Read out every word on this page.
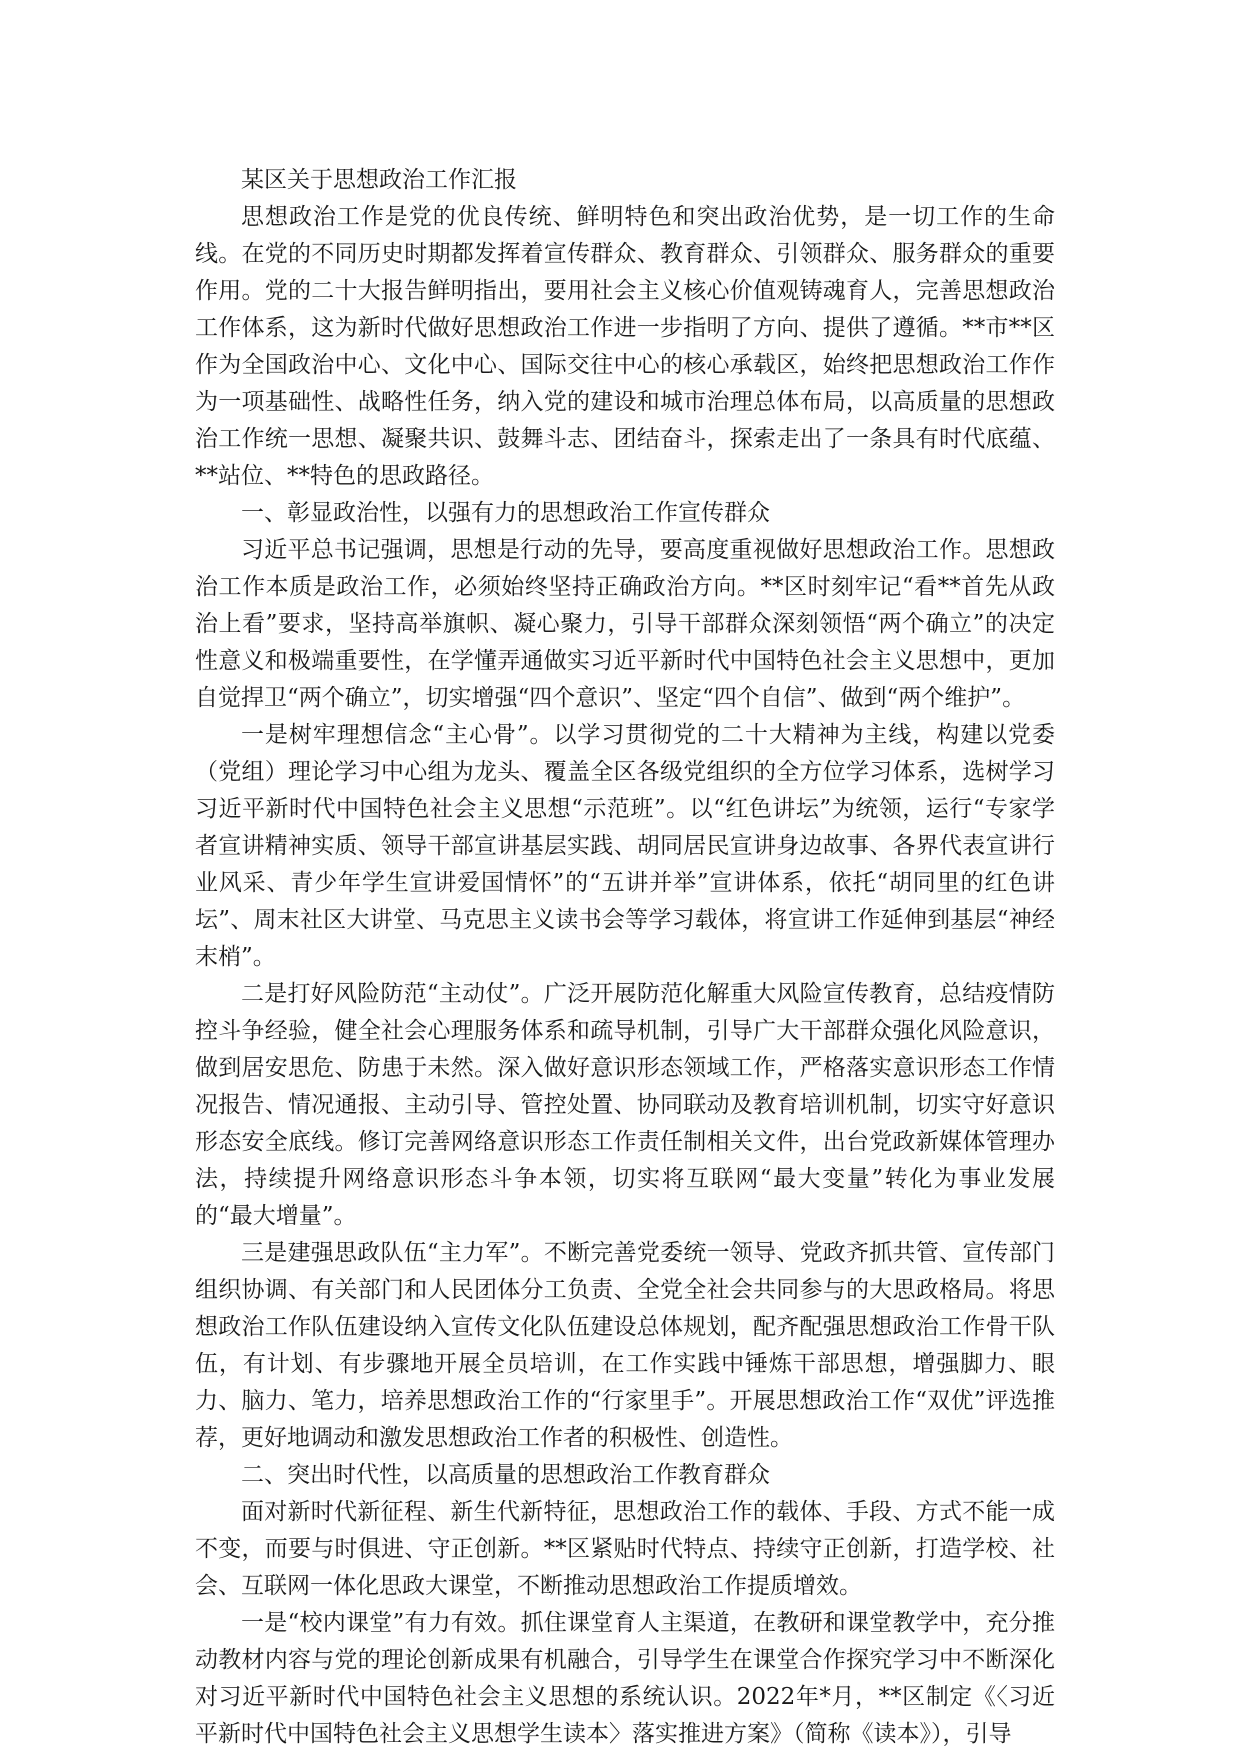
某区关于思想政治工作汇报

思想政治工作是党的优良传统、鲜明特色和突出政治优势，是一切工作的生命线。在党的不同历史时期都发挥着宣传群众、教育群众、引领群众、服务群众的重要作用。党的二十大报告鲜明指出，要用社会主义核心价值观铸魂育人，完善思想政治工作体系，这为新时代做好思想政治工作进一步指明了方向、提供了遵循。**市**区作为全国政治中心、文化中心、国际交往中心的核心承载区，始终把思想政治工作作为一项基础性、战略性任务，纳入党的建设和城市治理总体布局，以高质量的思想政治工作统一思想、凝聚共识、鼓舞斗志、团结奋斗，探索走出了一条具有时代底蕴、**站位、**特色的思政路径。

一、彰显政治性，以强有力的思想政治工作宣传群众

习近平总书记强调，思想是行动的先导，要高度重视做好思想政治工作。思想政治工作本质是政治工作，必须始终坚持正确政治方向。**区时刻牢记“看**首先从政治上看”要求，坚持高举旗帜、凝心聚力，引导干部群众深刻领悟“两个确立”的决定性意义和极端重要性，在学懂弄通做实习近平新时代中国特色社会主义思想中，更加自觉捍卫“两个确立”，切实增强“四个意识”、坚定“四个自信”、做到“两个维护”。

一是树牢理想信念“主心骨”。以学习贯彻党的二十大精神为主线，构建以党委（党组）理论学习中心组为龙头、覆盖全区各级党组织的全方位学习体系，选树学习习近平新时代中国特色社会主义思想“示范班”。以“红色讲坛”为统领，运行“专家学者宣讲精神实质、领导干部宣讲基层实践、胡同居民宣讲身边故事、各界代表宣讲行业风采、青少年学生宣讲爱国情怀”的“五讲并举”宣讲体系，依托“胡同里的红色讲坛”、周末社区大讲堂、马克思主义读书会等学习载体，将宣讲工作延伸到基层“神经末梢”。

二是打好风险防范“主动仗”。广泛开展防范化解重大风险宣传教育，总结疫情防控斗争经验，健全社会心理服务体系和疏导机制，引导广大干部群众强化风险意识，做到居安思危、防患于未然。深入做好意识形态领域工作，严格落实意识形态工作情况报告、情况通报、主动引导、管控处置、协同联动及教育培训机制，切实守好意识形态安全底线。修订完善网络意识形态工作责任制相关文件，出台党政新媒体管理办法，持续提升网络意识形态斗争本领，切实将互联网“最大变量”转化为事业发展的“最大增量”。

三是建强思政队伍“主力军”。不断完善党委统一领导、党政齐抓共管、宣传部门组织协调、有关部门和人民团体分工负责、全党全社会共同参与的大思政格局。将思想政治工作队伍建设纳入宣传文化队伍建设总体规划，配齐配强思想政治工作骨干队伍，有计划、有步骤地开展全员培训，在工作实践中锤炼干部思想，增强脚力、眼力、脑力、笔力，培养思想政治工作的“行家里手”。开展思想政治工作“双优”评选推荐，更好地调动和激发思想政治工作者的积极性、创造性。

二、突出时代性，以高质量的思想政治工作教育群众

面对新时代新征程、新生代新特征，思想政治工作的载体、手段、方式不能一成不变，而要与时俱进、守正创新。**区紧贴时代特点、持续守正创新，打造学校、社会、互联网一体化思政大课堂，不断推动思想政治工作提质增效。

一是“校内课堂”有力有效。抓住课堂育人主渠道，在教研和课堂教学中，充分推动教材内容与党的理论创新成果有机融合，引导学生在课堂合作探究学习中不断深化对习近平新时代中国特色社会主义思想的系统认识。2022年*月，**区制定《〈习近平新时代中国特色社会主义思想学生读本〉落实推进方案》（简称《读本》），引导
